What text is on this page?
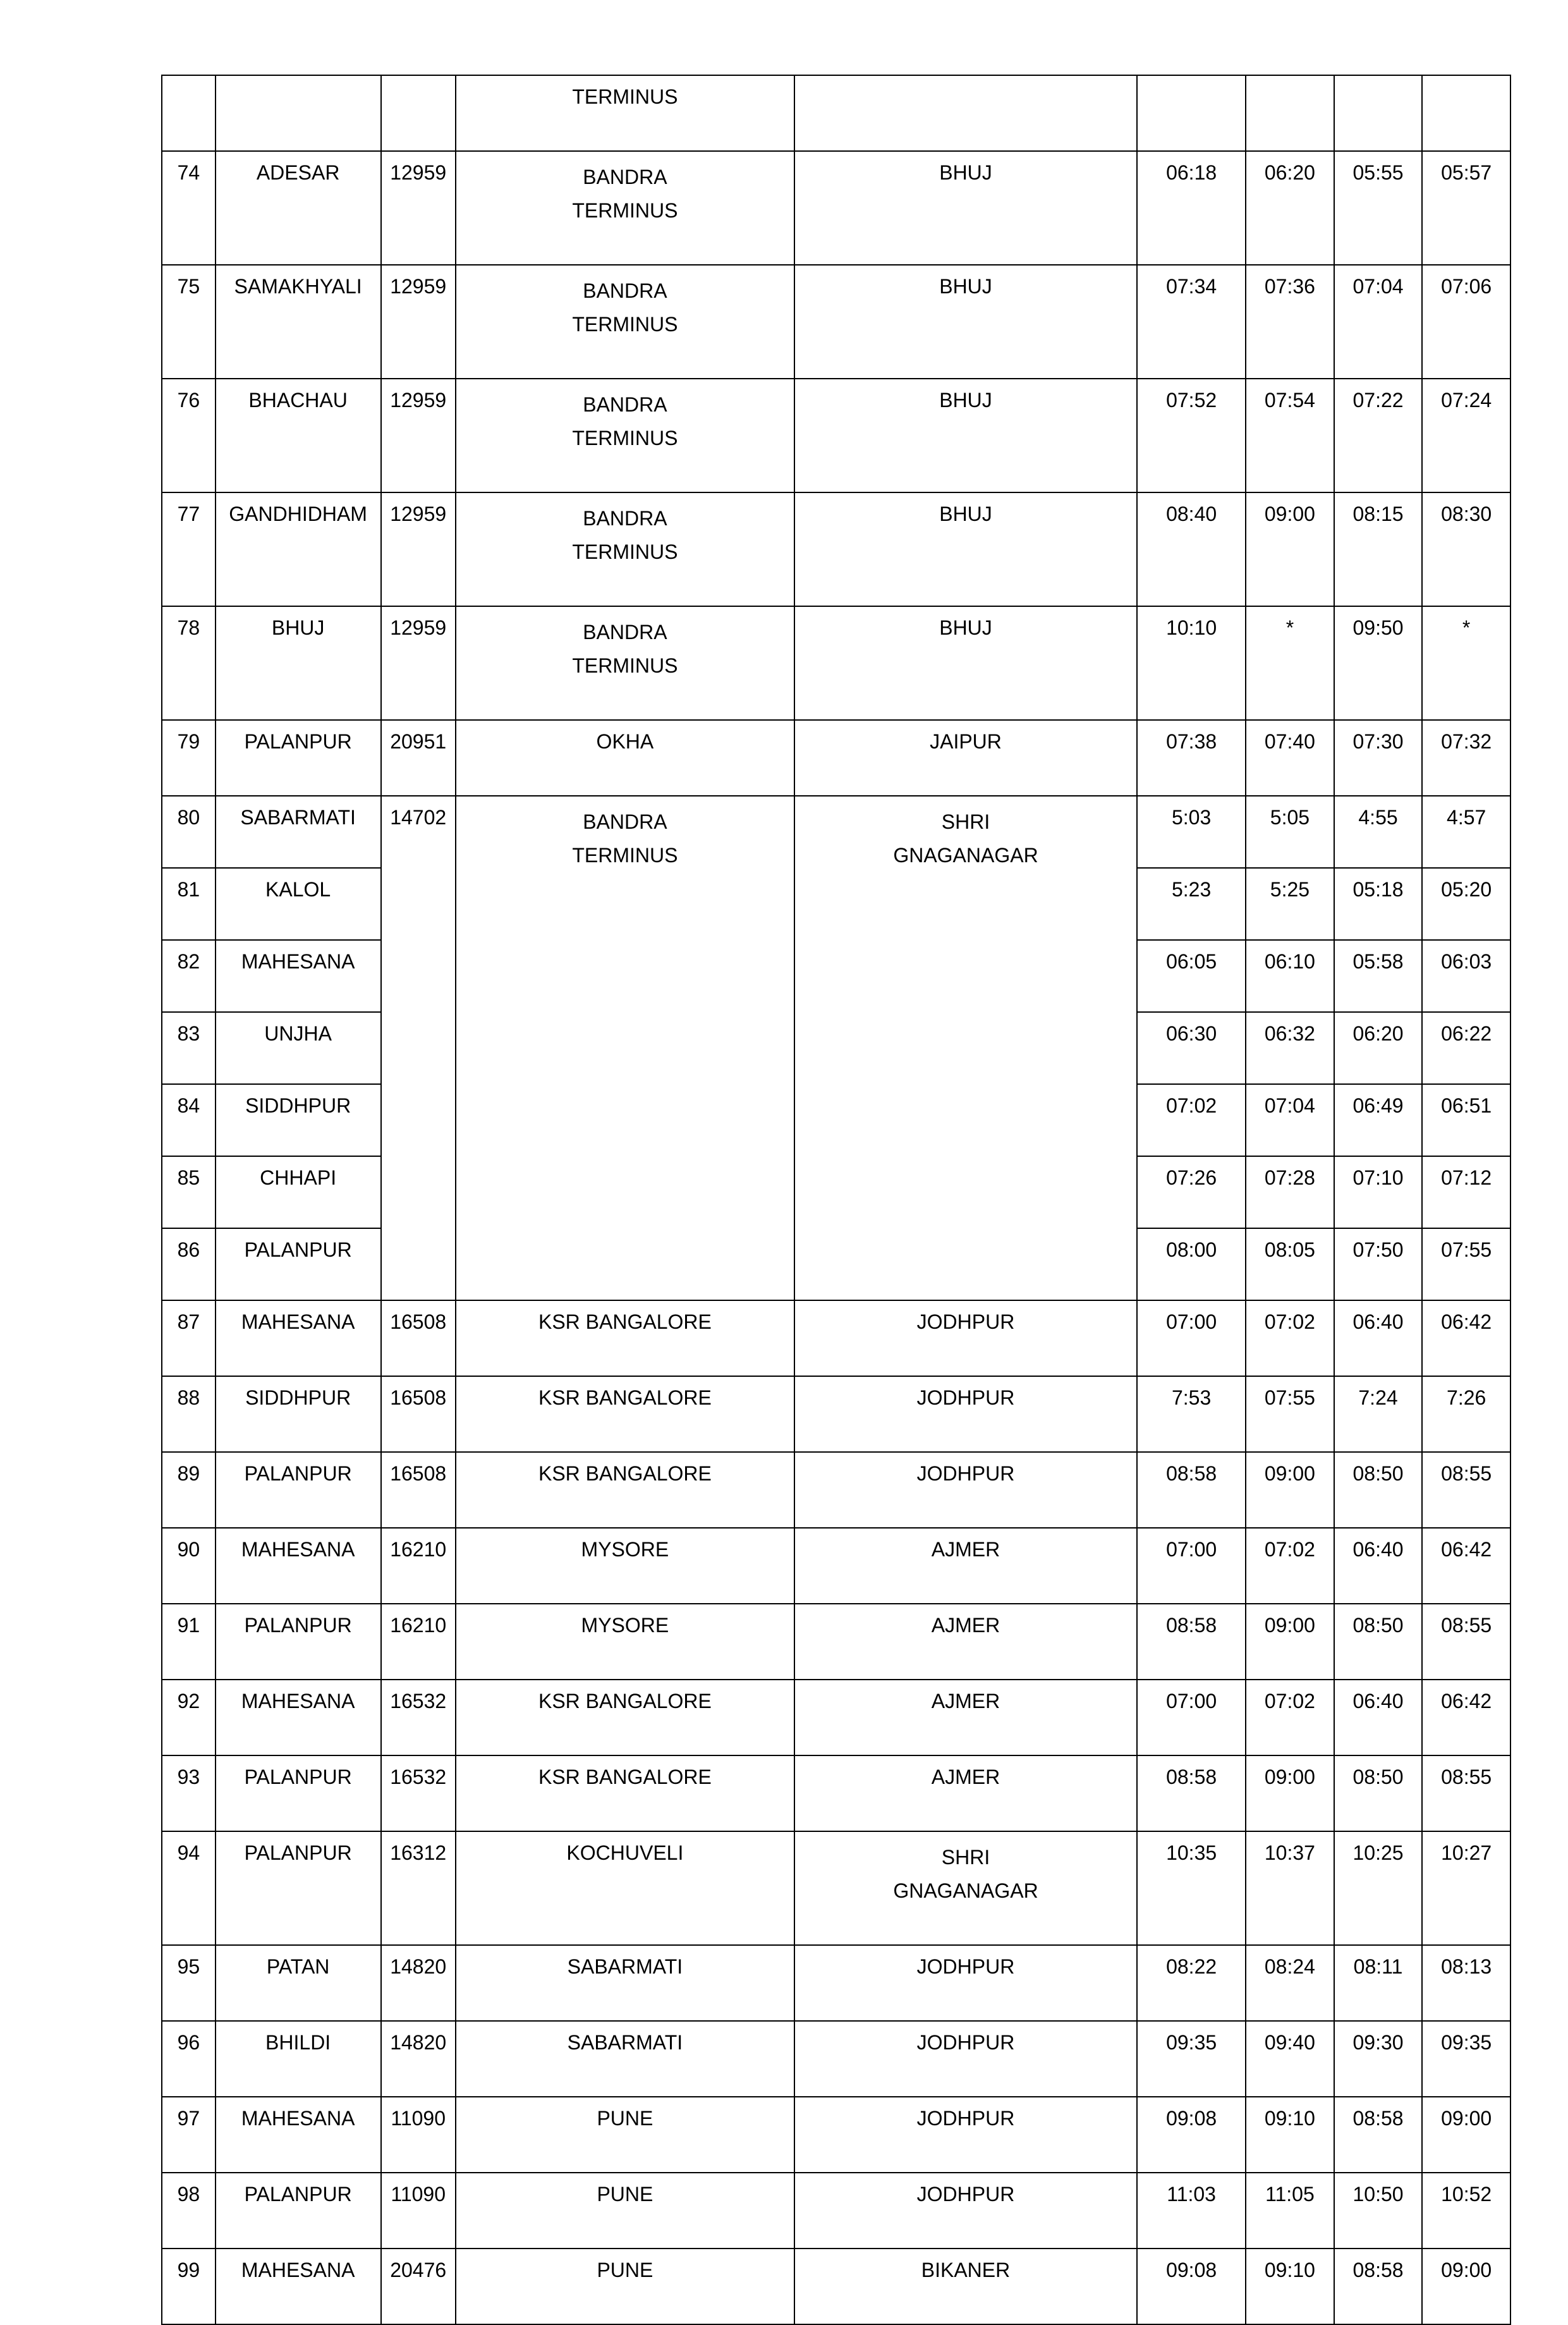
			TERMINUS					
74	ADESAR	12959	BANDRA
TERMINUS	BHUJ	06:18	06:20	05:55	05:57
75	SAMAKHYALI	12959	BANDRA
TERMINUS	BHUJ	07:34	07:36	07:04	07:06
76	BHACHAU	12959	BANDRA
TERMINUS	BHUJ	07:52	07:54	07:22	07:24
77	GANDHIDHAM	12959	BANDRA
TERMINUS	BHUJ	08:40	09:00	08:15	08:30
78	BHUJ	12959	BANDRA
TERMINUS	BHUJ	10:10	*	09:50	*
79	PALANPUR	20951	OKHA	JAIPUR	07:38	07:40	07:30	07:32
80	SABARMATI	14702	BANDRA
TERMINUS	SHRI
GNAGANAGAR	5:03	5:05	4:55	4:57
81	KALOL				5:23	5:25	05:18	05:20
82	MAHESANA				06:05	06:10	05:58	06:03
83	UNJHA				06:30	06:32	06:20	06:22
84	SIDDHPUR				07:02	07:04	06:49	06:51
85	CHHAPI				07:26	07:28	07:10	07:12
86	PALANPUR				08:00	08:05	07:50	07:55
87	MAHESANA	16508	KSR BANGALORE	JODHPUR	07:00	07:02	06:40	06:42
88	SIDDHPUR	16508	KSR BANGALORE	JODHPUR	7:53	07:55	7:24	7:26
89	PALANPUR	16508	KSR BANGALORE	JODHPUR	08:58	09:00	08:50	08:55
90	MAHESANA	16210	MYSORE	AJMER	07:00	07:02	06:40	06:42
91	PALANPUR	16210	MYSORE	AJMER	08:58	09:00	08:50	08:55
92	MAHESANA	16532	KSR BANGALORE	AJMER	07:00	07:02	06:40	06:42
93	PALANPUR	16532	KSR BANGALORE	AJMER	08:58	09:00	08:50	08:55
94	PALANPUR	16312	KOCHUVELI	SHRI
GNAGANAGAR	10:35	10:37	10:25	10:27
95	PATAN	14820	SABARMATI	JODHPUR	08:22	08:24	08:11	08:13
96	BHILDI	14820	SABARMATI	JODHPUR	09:35	09:40	09:30	09:35
97	MAHESANA	11090	PUNE	JODHPUR	09:08	09:10	08:58	09:00
98	PALANPUR	11090	PUNE	JODHPUR	11:03	11:05	10:50	10:52
99	MAHESANA	20476	PUNE	BIKANER	09:08	09:10	08:58	09:00
